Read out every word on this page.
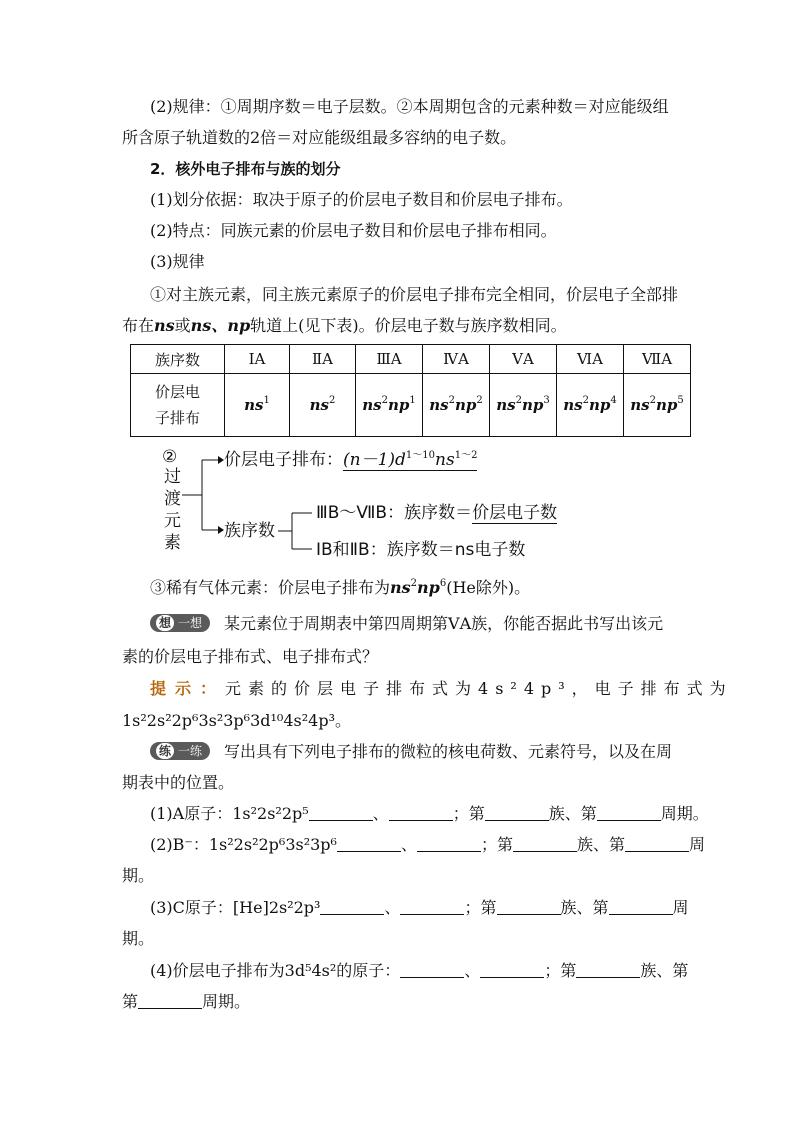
(2)规律：①周期序数＝电子层数。②本周期包含的元素种数＝对应能级组
所含原子轨道数的2倍＝对应能级组最多容纳的电子数。
2．核外电子排布与族的划分
(1)划分依据：取决于原子的价层电子数目和价层电子排布。
(2)特点：同族元素的价层电子数目和价层电子排布相同。
(3)规律
①对主族元素，同主族元素原子的价层电子排布完全相同，价层电子全部排
布在ns或ns、np轨道上(见下表)。价层电子数与族序数相同。
族序数	ⅠA	ⅡA	ⅢA	ⅣA	ⅤA	ⅥA	ⅦA

价层电
子排布	$ns^1$	$ns^2$	$ns^2np^1$	$ns^2np^2$	$ns^2np^3$	$ns^2np^4$	$ns^2np^5$
②
过
渡
元
素
价层电子排布：$(n-1)d^{1\sim 10}ns^{1\sim 2}$
族序数
ⅢB～ⅦB：族序数＝价层电子数
ⅠB和ⅡB：族序数＝ns电子数
③稀有气体元素：价层电子排布为$ns^2np^6(He$除外)。
想 一想 某元素位于周期表中第四周期第ⅤA族，你能否据此书写出该元
素的价层电子排布式、电子排布式？
提示：元素的价层电子排布式为4s²4p³，电子排布式为
1s²2s²2p⁶3s²3p⁶3d¹⁰4s²4p³。
练 一练 写出具有下列电子排布的微粒的核电荷数、元素符号，以及在周
期表中的位置。
(1)A原子：1s²2s²2p⁵	、	；第	族、第	周期。
(2)B⁻：1s²2s²2p⁶3s²3p⁶	、	；第	族、第	周
期。
(3)C原子：[He]2s²2p³	、	；第	族、第	周
期。
(4)价层电子排布为3d⁵4s²的原子：	、	；第	族、第
第	周期。
